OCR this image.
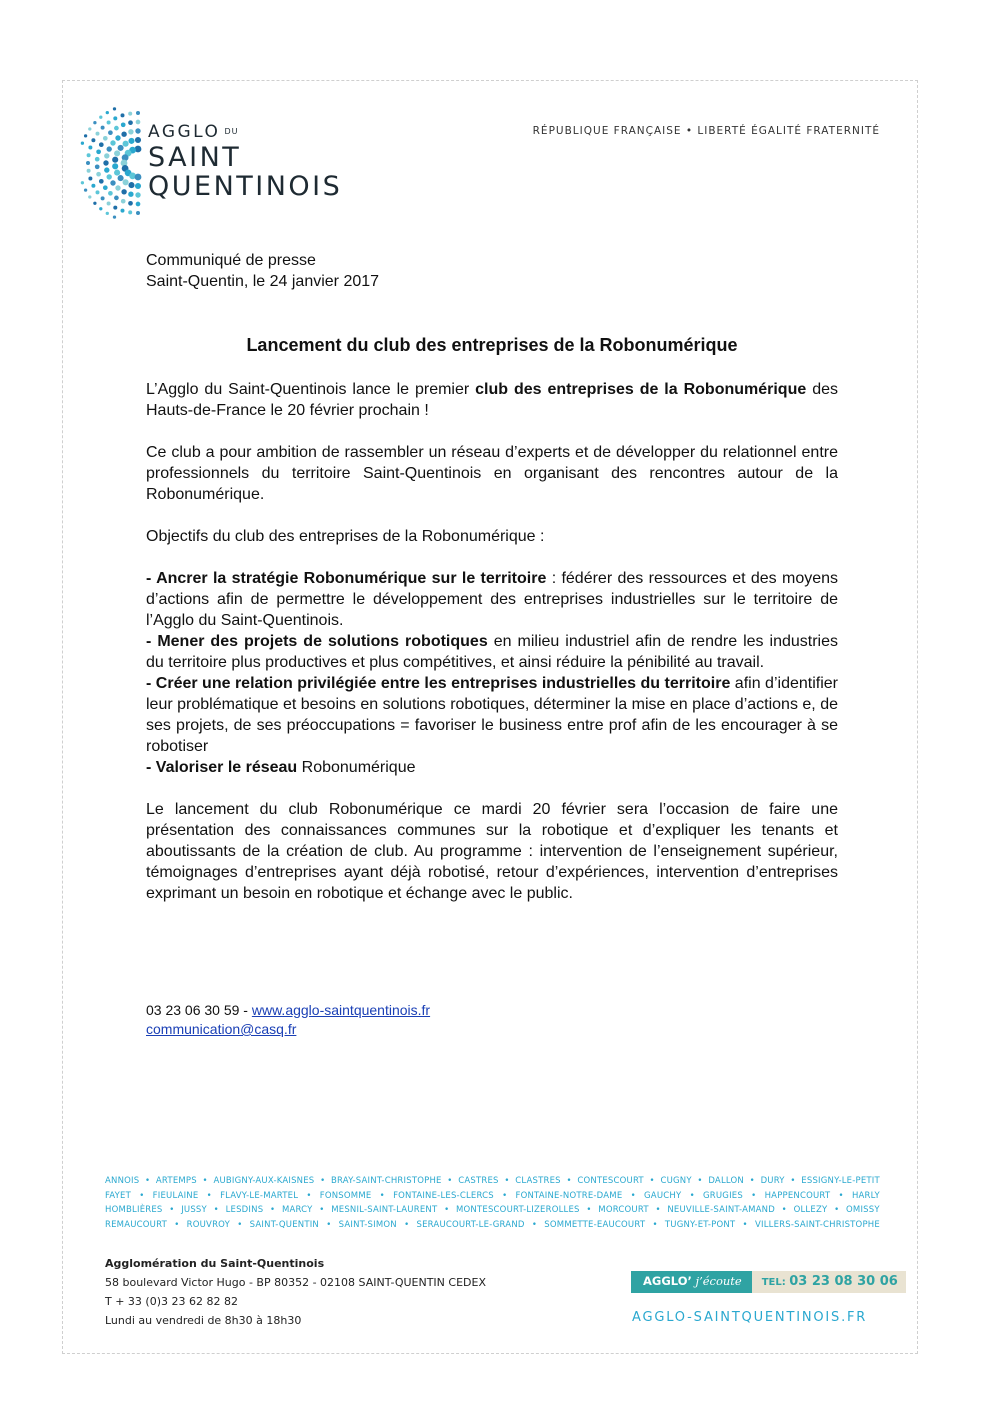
AGGLO DU
SAINT
QUENTINOIS
RÉPUBLIQUE FRANÇAISE • LIBERTÉ ÉGALITÉ FRATERNITÉ

Communiqué de presse

Saint-Quentin, le 24 janvier 2017

Lancement du club des entreprises de la Robonumérique

L’Agglo du Saint-Quentinois lance le premier club des entreprises de la Robonumérique des Hauts-de-France le 20 février prochain !

Ce club a pour ambition de rassembler un réseau d’experts et de développer du relationnel entre professionnels du territoire Saint-Quentinois en organisant des rencontres autour de la Robonumérique.

Objectifs du club des entreprises de la Robonumérique :

- Ancrer la stratégie Robonumérique sur le territoire : fédérer des ressources et des moyens d’actions afin de permettre le développement des entreprises industrielles sur le territoire de l’Agglo du Saint-Quentinois.

- Mener des projets de solutions robotiques en milieu industriel afin de rendre les industries du territoire plus productives et plus compétitives, et ainsi réduire la pénibilité au travail.

- Créer une relation privilégiée entre les entreprises industrielles du territoire afin d’identifier leur problématique et besoins en solutions robotiques, déterminer la mise en place d’actions e, de ses projets, de ses préoccupations = favoriser le business entre prof afin de les encourager à se robotiser

- Valoriser le réseau Robonumérique

Le lancement du club Robonumérique ce mardi 20 février sera l’occasion de faire une présentation des connaissances communes sur la robotique et d’expliquer les tenants et aboutissants de la création de club. Au programme : intervention de l’enseignement supérieur, témoignages d’entreprises ayant déjà robotisé, retour d’expériences, intervention d’entreprises exprimant un besoin en robotique et échange avec le public.

03 23 06 30 59 - www.agglo-saintquentinois.fr

communication@casq.fr

ANNOIS • ARTEMPS • AUBIGNY-AUX-KAISNES • BRAY-SAINT-CHRISTOPHE • CASTRES • CLASTRES • CONTESCOURT • CUGNY • DALLON • DURY • ESSIGNY-LE-PETIT
FAYET • FIEULAINE • FLAVY-LE-MARTEL • FONSOMME • FONTAINE-LES-CLERCS • FONTAINE-NOTRE-DAME • GAUCHY • GRUGIES • HAPPENCOURT • HARLY
HOMBLIÈRES • JUSSY • LESDINS • MARCY • MESNIL-SAINT-LAURENT • MONTESCOURT-LIZEROLLES • MORCOURT • NEUVILLE-SAINT-AMAND • OLLEZY • OMISSY
REMAUCOURT • ROUVROY • SAINT-QUENTIN • SAINT-SIMON • SERAUCOURT-LE-GRAND • SOMMETTE-EAUCOURT • TUGNY-ET-PONT • VILLERS-SAINT-CHRISTOPHE
Agglomération du Saint-Quentinois
58 boulevard Victor Hugo - BP 80352 - 02108 SAINT-QUENTIN CEDEX
T + 33 (0)3 23 62 82 82
Lundi au vendredi de 8h30 à 18h30
AGGLO’ j’écoute	TEL: 03 23 08 30 06
AGGLO-SAINTQUENTINOIS.FR
